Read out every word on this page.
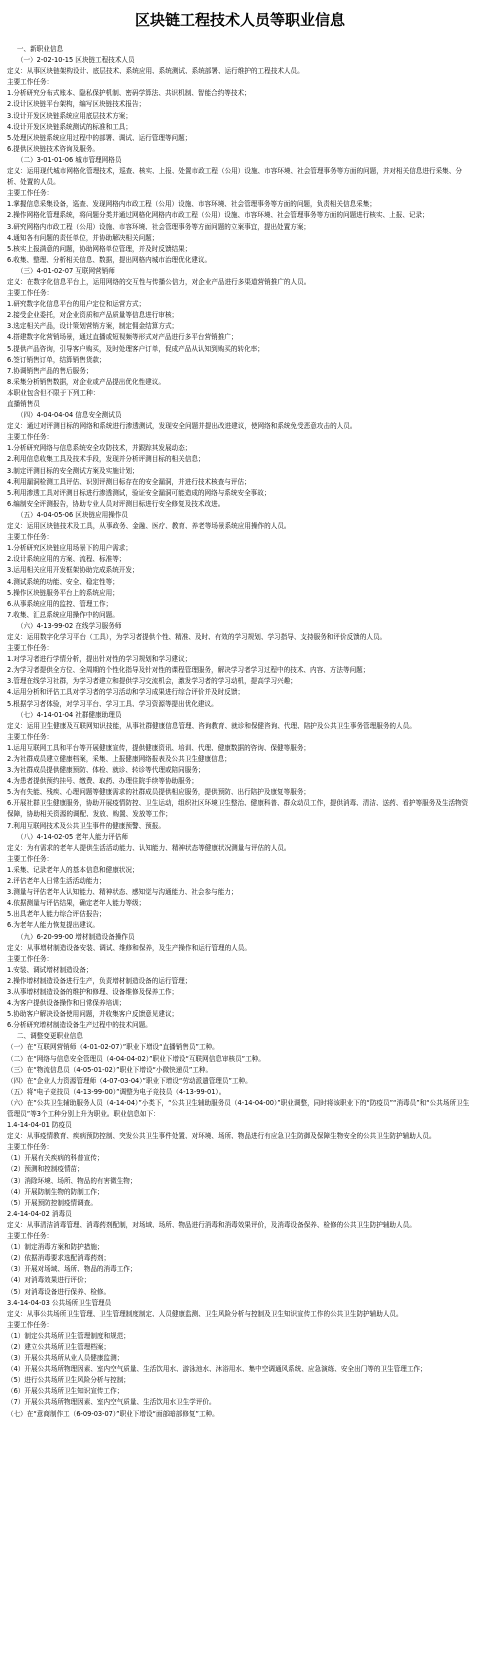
区块链工程技术人员等职业信息

一、新职业信息

（一）2-02-10-15 区块链工程技术人员

定义：从事区块链架构设计、底层技术、系统应用、系统测试、系统部署、运行维护的工程技术人员。

主要工作任务：

1.分析研究分布式账本、隐私保护机制、密码学算法、共识机制、智能合约等技术；

2.设计区块链平台架构，编写区块链技术报告；

3.设计开发区块链系统应用底层技术方案；

4.设计开发区块链系统测试的标准和工具；

5.处理区块链系统应用过程中的部署、调试、运行管理等问题；

6.提供区块链技术咨询及服务。

（二）3-01-01-06 城市管理网格员

定义：运用现代城市网格化管理技术，巡查、核实、上报、处置市政工程（公用）设施、市容环境、社会管理事务等方面的问题，并对相关信息进行采集、分析、处置的人员。

主要工作任务：

1.掌握信息采集设备，巡查、发现网格内市政工程（公用）设施、市容环境、社会管理事务等方面的问题，负责相关信息采集；

2.操作网格化管理系统，将问题分类并通过网格化网格内市政工程（公用）设施、市容环境、社会管理事务等方面的问题进行核实、上报、记录；

3.研究网格内市政工程（公用）设施、市容环境、社会管理事务等方面问题的立案事宜，提出处置方案；

4.通知各有问题的责任单位，并协助解决相关问题；

5.核实上报满意的问题，协助网格单位管理，并及时反馈结果；

6.收集、整理、分析相关信息、数据，提出网格内城市治理优化建议。

（三）4-01-02-07 互联网营销师

定义：在数字化信息平台上，运用网络的交互性与传播公信力，对企业产品进行多渠道营销推广的人员。

主要工作任务：

1.研究数字化信息平台的用户定位和运营方式；

2.接受企业委托，对企业资质和产品质量等信息进行审核；

3.选定相关产品，设计策划营销方案，制定佣金结算方式；

4.搭建数字化营销场景，通过直播或短视频等形式对产品进行多平台营销推广；

5.提供产品咨询，引导客户购买，及时处理客户订单，促成产品从认知到购买的转化率；

6.签订销售订单，结算销售货款；

7.协调销售产品的售后服务；

8.采集分析销售数据，对企业或产品提出优化性建议。

本职业包含但不限于下列工种：

直播销售员

（四）4-04-04-04 信息安全测试员

定义：通过对评测目标的网络和系统进行渗透测试，发现安全问题并提出改进建议，使网络和系统免受恶意攻击的人员。

主要工作任务：

1.分析研究网络与信息系统安全攻防技术，并跟踪其发展动态；

2.利用信息收集工具及技术手段，发现并分析评测目标的相关信息；

3.制定评测目标的安全测试方案及实施计划；

4.利用漏洞检测工具评估、识别评测目标存在的安全漏洞，并进行技术核查与评估；

5.利用渗透工具对评测目标进行渗透测试，验证安全漏洞可能造成的网络与系统安全事故；

6.编制安全评测报告，协助专业人员对评测目标进行安全修复及技术改进。

（五）4-04-05-06 区块链应用操作员

定义：运用区块链技术及工具，从事政务、金融、医疗、教育、养老等场景系统应用操作的人员。

主要工作任务：

1.分析研究区块链应用场景下的用户需求；

2.设计系统应用的方案、流程、标准等；

3.运用相关应用开发框架协助完成系统开发；

4.测试系统的功能、安全、稳定性等；

5.操作区块链服务平台上的系统应用；

6.从事系统应用的监控、管理工作；

7.收集、汇总系统应用操作中的问题。

（六）4-13-99-02 在线学习服务师

定义：运用数字化学习平台（工具），为学习者提供个性、精准、及时、有效的学习规划、学习指导、支持服务和评价反馈的人员。

主要工作任务：

1.对学习者进行学情分析，提出针对性的学习规划和学习建议；

2.为学习者提供全方位、全周期的个性化指导及针对性的课程管理服务，解决学习者学习过程中的技术、内容、方法等问题；

3.管理在线学习社群，为学习者建立和提供学习交流机会，激发学习者的学习动机，提高学习兴趣；

4.运用分析和评估工具对学习者的学习活动和学习成果进行综合评价并及时反馈；

5.根据学习者体验，对学习平台、学习工具、学习资源等提出优化建议。

（七）4-14-01-04 社群健康助理员

定义：运用卫生健康及互联网知识技能，从事社群健康信息管理、咨询教育、就诊和保健咨询、代理、陪护及公共卫生事务管理服务的人员。

主要工作任务：

1.运用互联网工具和平台等开展健康宣传，提供健康资讯、培训、代理、健康数据的咨询、保健等服务；

2.为社群成员建立健康档案，采集、上报健康网络报表及公共卫生健康信息；

3.为社群成员提供健康预防、体检、就诊、转诊等代理或陪同服务；

4.为患者提供预约挂号、缴费、取药、办理住院手续等协助服务；

5.为有失能、残疾、心理问题等健康需求的社群成员提供相应服务，提供预防、出行陪护及康复等服务；

6.开展社群卫生健康服务，协助开展疫情防控、卫生运动，组织社区环境卫生整治、健康科普、群众动员工作，提供消毒、清洁、送药、看护等服务及生活物资保障，协助相关资源的调配、发放、购置、发放等工作；

7.利用互联网技术及公共卫生事件的健康预警、预报。

（八）4-14-02-05 老年人能力评估师

定义：为有需求的老年人提供生活活动能力、认知能力、精神状态等健康状况测量与评估的人员。

主要工作任务：

1.采集、记录老年人的基本信息和健康状况；

2.评估老年人日常生活活动能力；

3.测量与评估老年人认知能力、精神状态、感知觉与沟通能力、社会参与能力；

4.依据测量与评估结果，确定老年人能力等级；

5.出具老年人能力综合评估报告；

6.为老年人能力恢复提出建议。

（九）6-20-99-00 增材制造设备操作员

定义：从事增材制造设备安装、调试、维修和保养，及生产操作和运行管理的人员。

主要工作任务：

1.安装、调试增材制造设备；

2.操作增材制造设备进行生产，负责增材制造设备的运行管理；

3.从事增材制造设备的维护和修理、设备维修及保养工作；

4.为客户提供设备操作和日常保养培训；

5.协助客户解决设备使用问题，并收集客户反馈意见建议；

6.分析研究增材制造设备生产过程中的技术问题。

二、调整变更职业信息

（一）在“互联网营销师（4-01-02-07）”职业下增设“直播销售员”工种。

（二）在“网络与信息安全管理员（4-04-04-02）”职业下增设“互联网信息审核员”工种。

（三）在“物流信息员（4-05-01-02）”职业下增设“小微快递员”工种。

（四）在“企业人力资源管理师（4-07-03-04）”职业下增设“劳动派遣管理员”工种。

（五）将“电子竞技员（4-13-99-00）”调整为电子竞技员（4-13-99-01）。

（六）在“公共卫生辅助服务人员（4-14-04）”小类下，“公共卫生辅助服务员（4-14-04-00）”职业调整，同时将该职业下的“防疫员”“消毒员”和“公共场所卫生管理员”等3个工种分别上升为职业。职业信息如下：

1.4-14-04-01 防疫员

定义：从事疫情教育、疾病预防控制、突发公共卫生事件处置、对环境、场所、物品进行有应急卫生防御及保障生物安全的公共卫生防护辅助人员。

主要工作任务：

（1）开展有关疾病的科普宣传；

（2）预测和控制疫情苗；

（3）消除环境、场所、物品的有害微生物；

（4）开展防制生物的防制工作；

（5）开展预防控制疫情调查。

2.4-14-04-02 消毒员

定义：从事清洁消毒管理、消毒药剂配制，对场域、场所、物品进行消毒和消毒效果评价，及消毒设备保养、检修的公共卫生防护辅助人员。

主要工作任务：

（1）制定消毒方案和防护措施；

（2）依据消毒要求选配消毒药剂；

（3）开展对场域、场所、物品的消毒工作；

（4）对消毒效果进行评价；

（5）对消毒设备进行保养、检修。

3.4-14-04-03 公共场所卫生管理员

定义：从事公共场所卫生管理、卫生管理制度制定、人员健康监测、卫生风险分析与控制及卫生知识宣传工作的公共卫生防护辅助人员。

主要工作任务：

（1）制定公共场所卫生管理制度和规范；

（2）建立公共场所卫生管理档案；

（3）开展公共场所从业人员健康监测；

（4）开展公共场所物理因素、室内空气质量、生活饮用水、游泳池水、沐浴用水、集中空调通风系统、应急演练、安全出门等的卫生管理工作；

（5）进行公共场所卫生风险分析与控制；

（6）开展公共场所卫生知识宣传工作；

（7）开展公共场所物理因素、室内空气质量、生活饮用水卫生学评价。

（七）在“意商制作工（6-09-03-07）”职业下增设“面部暗部修复”工种。
